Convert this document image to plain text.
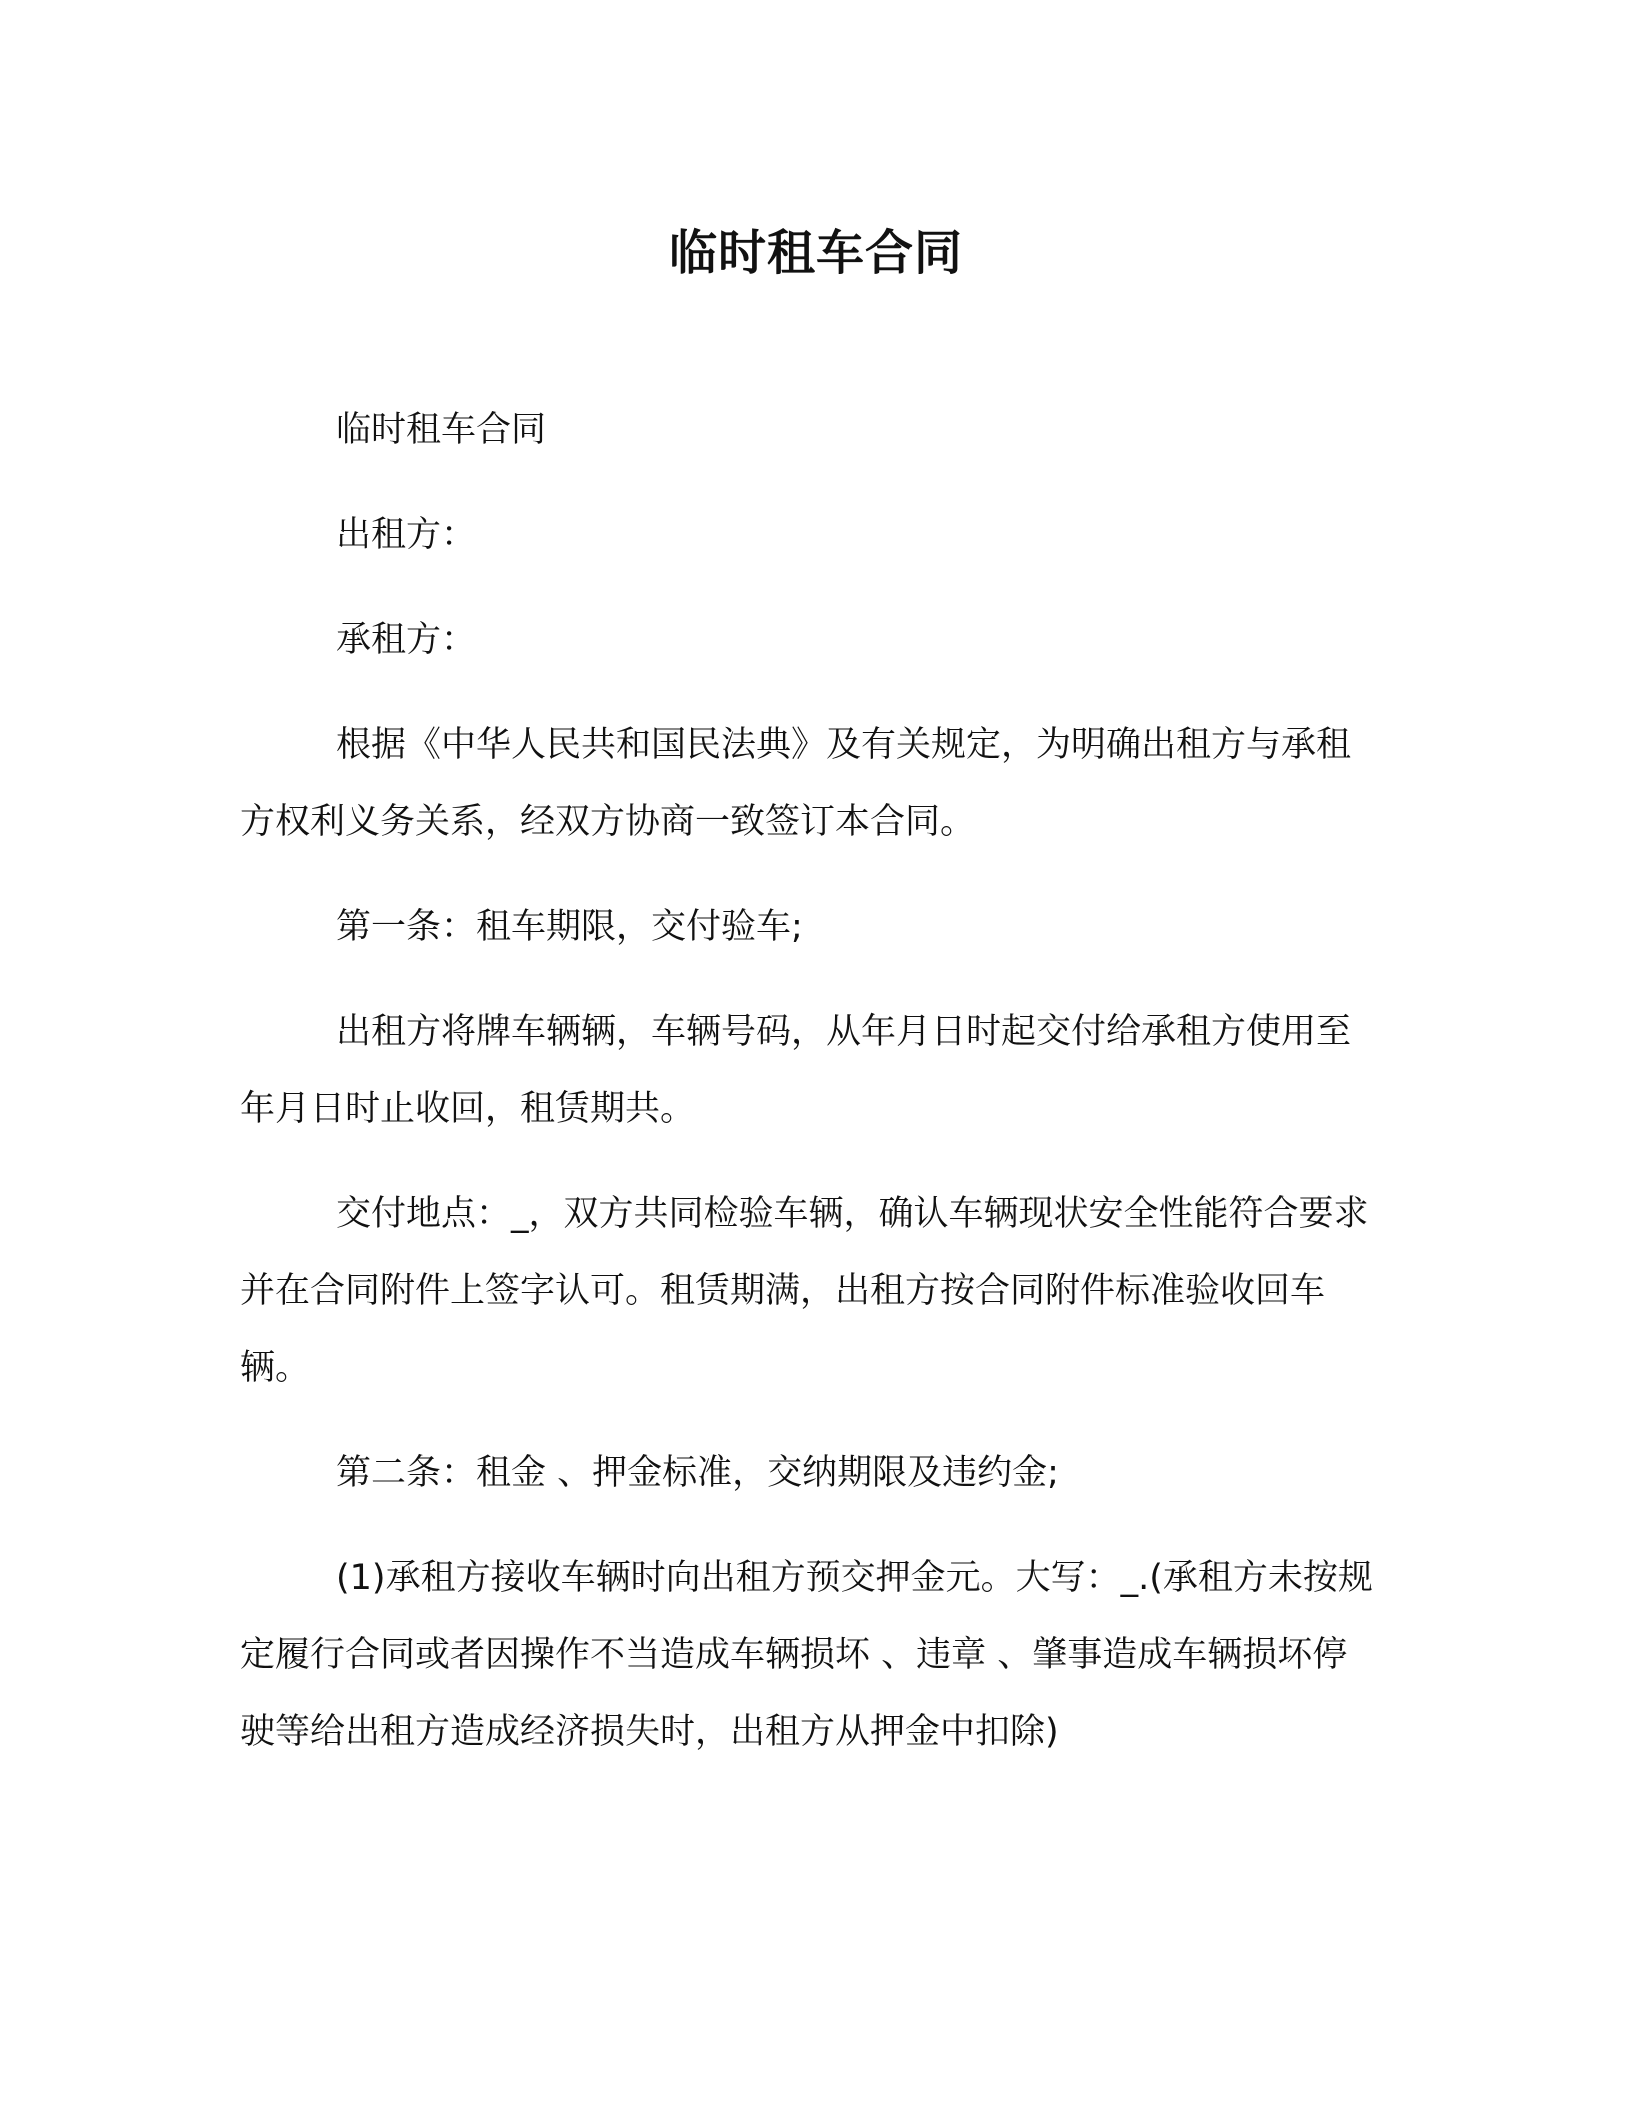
临时租车合同

临时租车合同

出租方：

承租方：

根据《中华人民共和国民法典》及有关规定，为明确出租方与承租方权利义务关系，经双方协商一致签订本合同。

第一条：租车期限，交付验车;

出租方将牌车辆辆，车辆号码，从年月日时起交付给承租方使用至年月日时止收回，租赁期共。

交付地点：_，双方共同检验车辆，确认车辆现状安全性能符合要求并在合同附件上签字认可。租赁期满，出租方按合同附件标准验收回车辆。

第二条：租金 、押金标准，交纳期限及违约金;

(1)承租方接收车辆时向出租方预交押金元。大写：_.(承租方未按规定履行合同或者因操作不当造成车辆损坏 、违章 、肇事造成车辆损坏停驶等给出租方造成经济损失时，出租方从押金中扣除)
